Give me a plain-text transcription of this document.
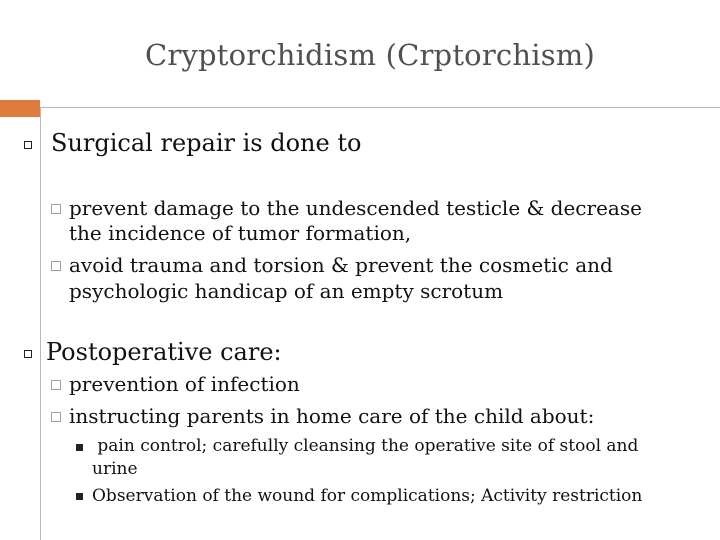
Cryptorchidism (Crptorchism)
Surgical repair is done to
prevent damage to the undescended testicle & decrease
the incidence of tumor formation,
avoid trauma and torsion & prevent the cosmetic and
psychologic handicap of an empty scrotum
Postoperative care:
prevention of infection
instructing parents in home care of the child about:
pain control; carefully cleansing the operative site of stool and
urine
Observation of the wound for complications; Activity restriction
